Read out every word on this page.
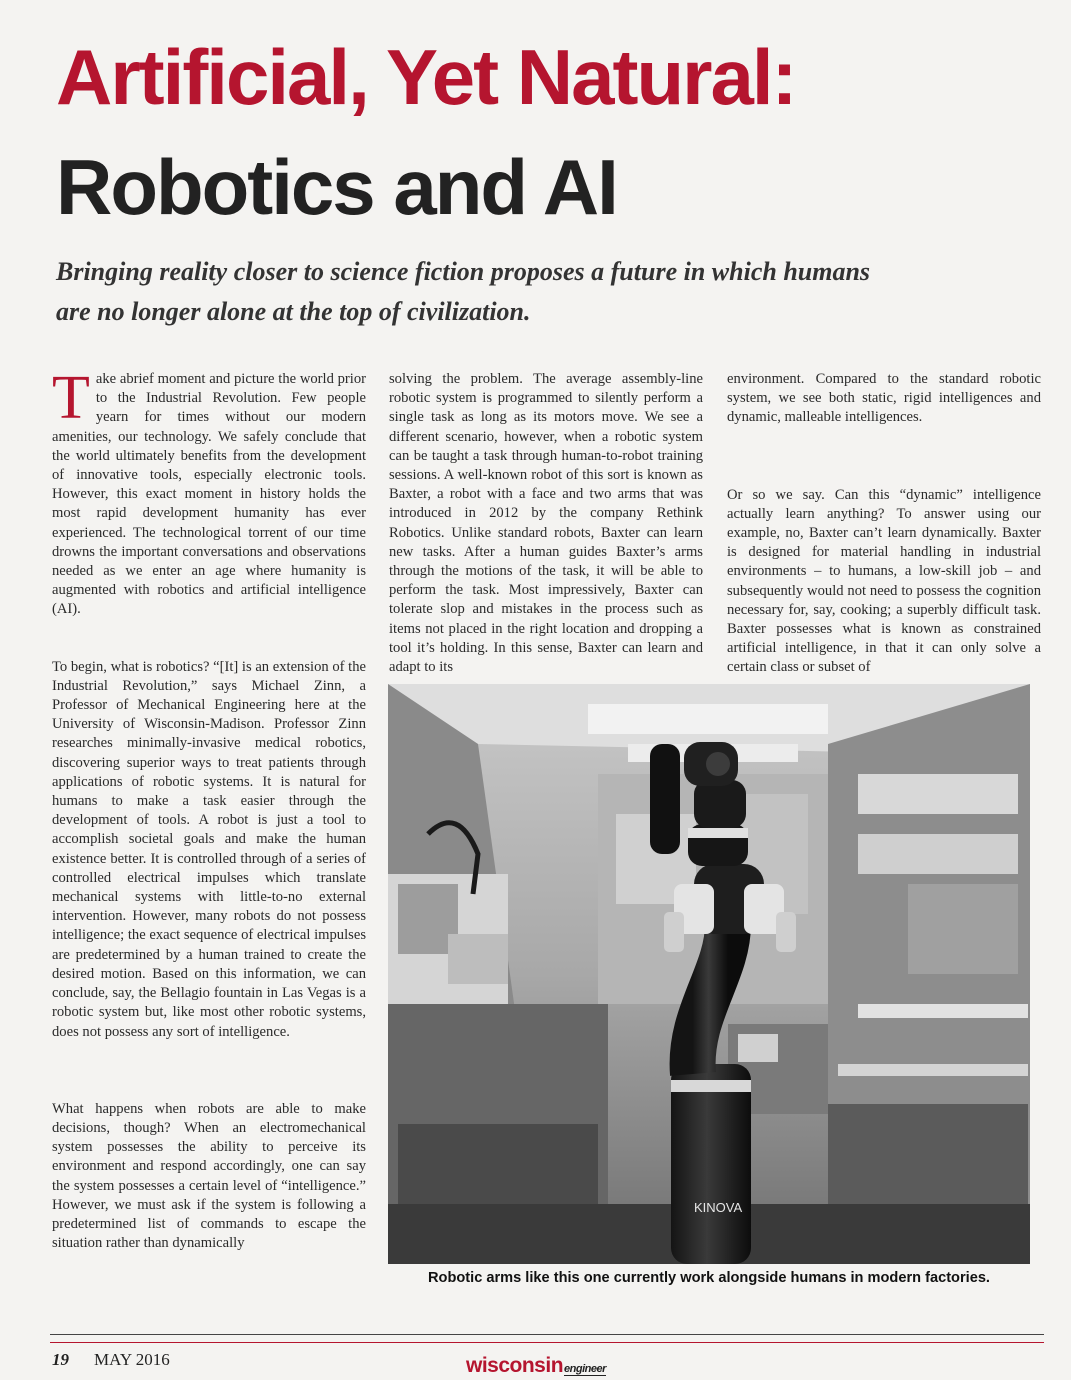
Artificial, Yet Natural:
Robotics and AI
Bringing reality closer to science fiction proposes a future in which humans are no longer alone at the top of civilization.

Take abrief moment and picture the world prior to the Industrial Revolution. Few people yearn for times without our modern amenities, our technology. We safely conclude that the world ultimately benefits from the development of innovative tools, especially electronic tools. However, this exact moment in history holds the most rapid development humanity has ever experienced. The technological torrent of our time drowns the important conversations and observations needed as we enter an age where humanity is augmented with robotics and artificial intelligence (AI).

To begin, what is robotics? “[It] is an extension of the Industrial Revolution,” says Michael Zinn, a Professor of Mechanical Engineering here at the University of Wisconsin-Madison. Professor Zinn researches minimally-invasive medical robotics, discovering superior ways to treat patients through applications of robotic systems. It is natural for humans to make a task easier through the development of tools. A robot is just a tool to accomplish societal goals and make the human existence better. It is controlled through of a series of controlled electrical impulses which translate mechanical systems with little-to-no external intervention. However, many robots do not possess intelligence; the exact sequence of electrical impulses are predetermined by a human trained to create the desired motion. Based on this information, we can conclude, say, the Bellagio fountain in Las Vegas is a robotic system but, like most other robotic systems, does not possess any sort of intelligence.

What happens when robots are able to make decisions, though? When an electromechanical system possesses the ability to perceive its environment and respond accordingly, one can say the system possesses a certain level of “intelligence.” However, we must ask if the system is following a predetermined list of commands to escape the situation rather than dynamically

solving the problem. The average assembly-line robotic system is programmed to silently perform a single task as long as its motors move. We see a different scenario, however, when a robotic system can be taught a task through human-to-robot training sessions. A well-known robot of this sort is known as Baxter, a robot with a face and two arms that was introduced in 2012 by the company Rethink Robotics. Unlike standard robots, Baxter can learn new tasks. After a human guides Baxter’s arms through the motions of the task, it will be able to perform the task. Most impressively, Baxter can tolerate slop and mistakes in the process such as items not placed in the right location and dropping a tool it’s holding. In this sense, Baxter can learn and adapt to its

environment. Compared to the standard robotic system, we see both static, rigid intelligences and dynamic, malleable intelligences.

Or so we say. Can this “dynamic” intelligence actually learn anything? To answer using our example, no, Baxter can’t learn dynamically. Baxter is designed for material handling in industrial environments – to humans, a low-skill job – and subsequently would not need to possess the cognition necessary for, say, cooking; a superbly difficult task. Baxter possesses what is known as constrained artificial intelligence, in that it can only solve a certain class or subset of

KINOVA

Robotic arms like this one currently work alongside humans in modern factories.

19 MAY 2016	wisconsinengineer
